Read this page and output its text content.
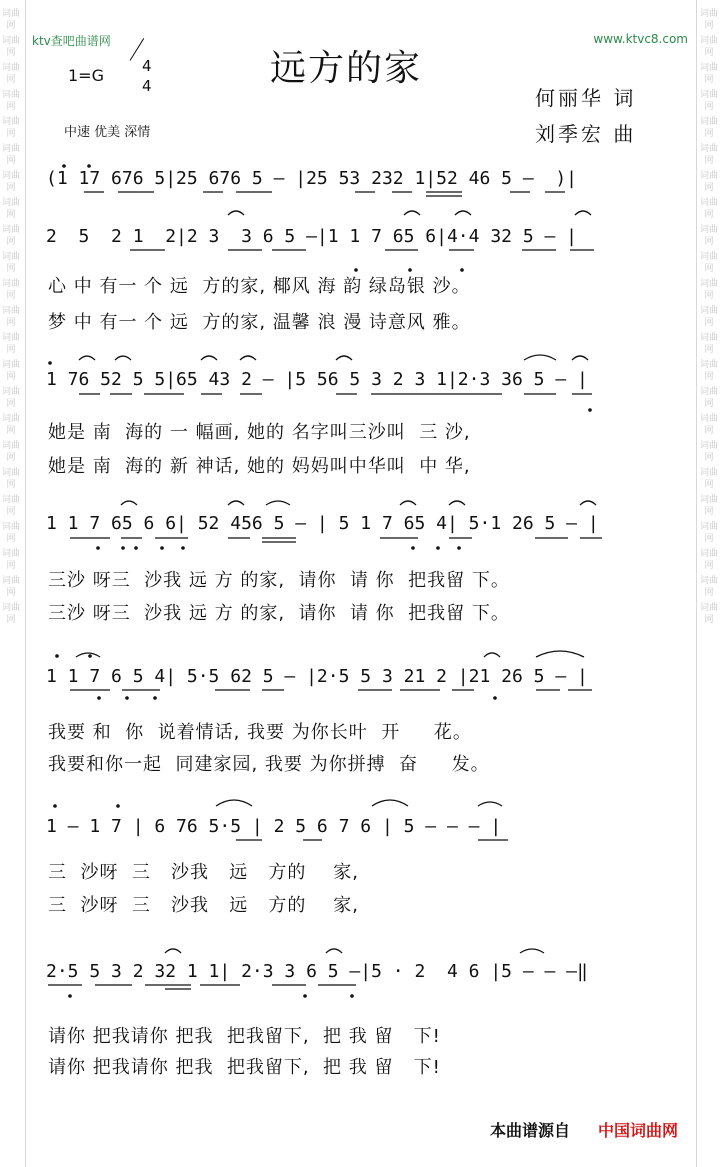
词曲网
词曲网
词曲网
词曲网
词曲网
词曲网
词曲网
词曲网
词曲网
词曲网
词曲网
词曲网
词曲网
词曲网
词曲网
词曲网
词曲网
词曲网
词曲网
词曲网
词曲网
词曲网
词曲网
词曲网
词曲网
词曲网
词曲网
词曲网
词曲网
词曲网
词曲网
词曲网
词曲网
词曲网
词曲网
词曲网
词曲网
词曲网
词曲网
词曲网
词曲网
词曲网
词曲网
词曲网
词曲网
词曲网
ktv查吧曲谱网	www.ktvc8.com
远方的家
1=G	4
4	何丽华 词
刘季宏 曲
中速 优美 深情
(1 17 676 5|25 676 5 — |25 53 232 1|52 46 5 —  )|
2  5  2 1  2|2 3  3 6 5 —|1 1 7 65 6|4·4 32 5 — |
心 中 有一 个 远  方的家, 椰风 海 韵 绿岛银 沙。
梦 中 有一 个 远  方的家, 温馨 浪 漫 诗意风 雅。
1 76 52 5 5|65 43 2 — |5 56 5 3 2 3 1|2·3 36 5 — |
她是 南  海的 一 幅画, 她的 名字叫三沙叫  三 沙,
她是 南  海的 新 神话, 她的 妈妈叫中华叫  中 华,
1 1 7 65 6 6| 52 456 5 — | 5 1 7 65 4| 5·1 26 5 — |
三沙 呀三  沙我 远 方 的家,  请你  请 你  把我留 下。
三沙 呀三  沙我 远 方 的家,  请你  请 你  把我留 下。
1 1 7 6 5 4| 5·5 62 5 — |2·5 5 3 21 2 |21 26 5 — |
我要 和  你  说着情话, 我要 为你长叶  开     花。
我要和你一起  同建家园, 我要 为你拼搏  奋     发。
1 — 1 7 | 6 76 5·5 | 2 5 6 7 6 | 5 — — — |
三  沙呀  三   沙我   远   方的    家,
三  沙呀  三   沙我   远   方的    家,
2·5 5 3 2 32 1 1| 2·3 3 6 5 —|5 · 2  4 6 |5 — — —‖
请你 把我请你 把我  把我留下,  把 我 留   下!
请你 把我请你 把我  把我留下,  把 我 留   下!
本曲谱源自 中国词曲网
